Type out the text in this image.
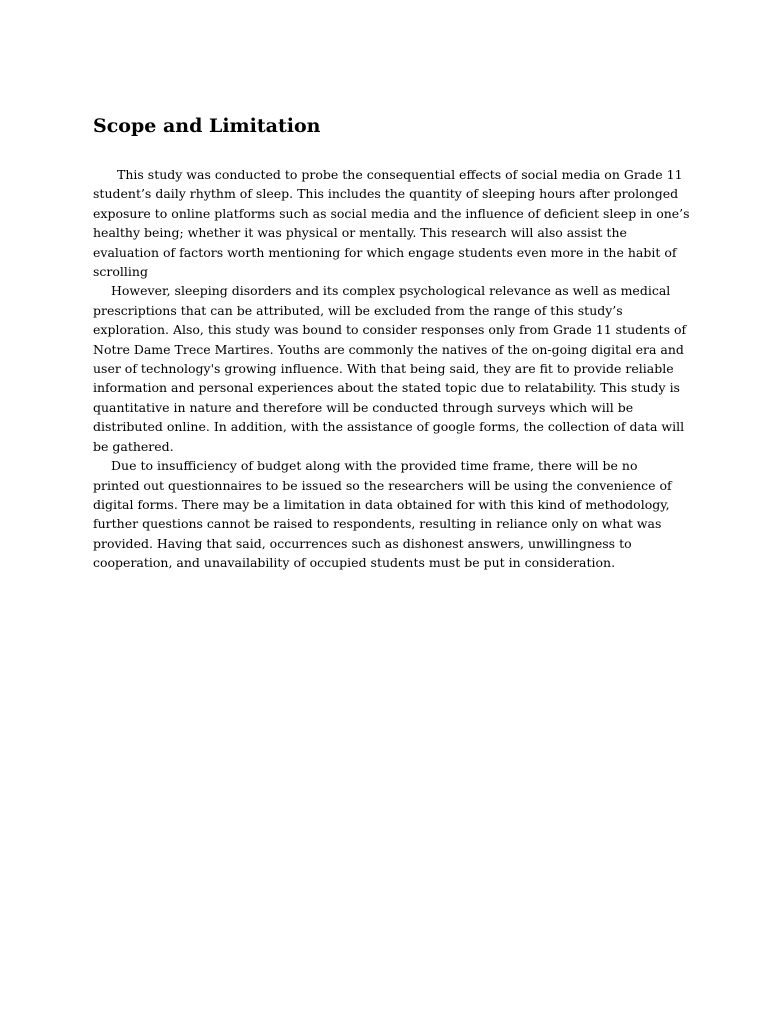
Scope and Limitation

This study was conducted to probe the consequential effects of social media on Grade 11
student’s daily rhythm of sleep. This includes the quantity of sleeping hours after prolonged
exposure to online platforms such as social media and the influence of deficient sleep in one’s
healthy being; whether it was physical or mentally. This research will also assist the
evaluation of factors worth mentioning for which engage students even more in the habit of
scrolling

However, sleeping disorders and its complex psychological relevance as well as medical
prescriptions that can be attributed, will be excluded from the range of this study’s
exploration. Also, this study was bound to consider responses only from Grade 11 students of
Notre Dame Trece Martires. Youths are commonly the natives of the on-going digital era and
user of technology's growing influence. With that being said, they are fit to provide reliable
information and personal experiences about the stated topic due to relatability. This study is
quantitative in nature and therefore will be conducted through surveys which will be
distributed online. In addition, with the assistance of google forms, the collection of data will
be gathered.

Due to insufficiency of budget along with the provided time frame, there will be no
printed out questionnaires to be issued so the researchers will be using the convenience of
digital forms. There may be a limitation in data obtained for with this kind of methodology,
further questions cannot be raised to respondents, resulting in reliance only on what was
provided. Having that said, occurrences such as dishonest answers, unwillingness to
cooperation, and unavailability of occupied students must be put in consideration.
